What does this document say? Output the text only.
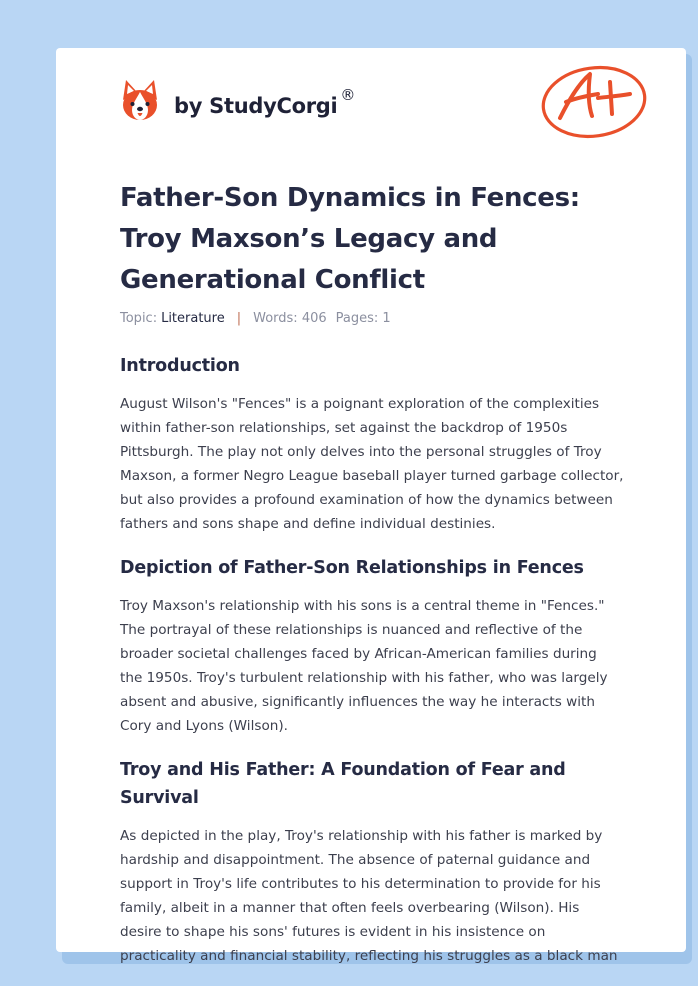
by StudyCorgi ®
Father-Son Dynamics in Fences: Troy Maxson’s Legacy and Generational Conflict
Topic: Literature | Words: 406 Pages: 1
Introduction

August Wilson's "Fences" is a poignant exploration of the complexities
within father-son relationships, set against the backdrop of 1950s
Pittsburgh. The play not only delves into the personal struggles of Troy
Maxson, a former Negro League baseball player turned garbage collector,
but also provides a profound examination of how the dynamics between
fathers and sons shape and define individual destinies.

Depiction of Father-Son Relationships in Fences

Troy Maxson's relationship with his sons is a central theme in "Fences."
The portrayal of these relationships is nuanced and reflective of the
broader societal challenges faced by African-American families during
the 1950s. Troy's turbulent relationship with his father, who was largely
absent and abusive, significantly influences the way he interacts with
Cory and Lyons (Wilson).

Troy and His Father: A Foundation of Fear and Survival

As depicted in the play, Troy's relationship with his father is marked by
hardship and disappointment. The absence of paternal guidance and
support in Troy's life contributes to his determination to provide for his
family, albeit in a manner that often feels overbearing (Wilson). His
desire to shape his sons' futures is evident in his insistence on
practicality and financial stability, reflecting his struggles as a black man
